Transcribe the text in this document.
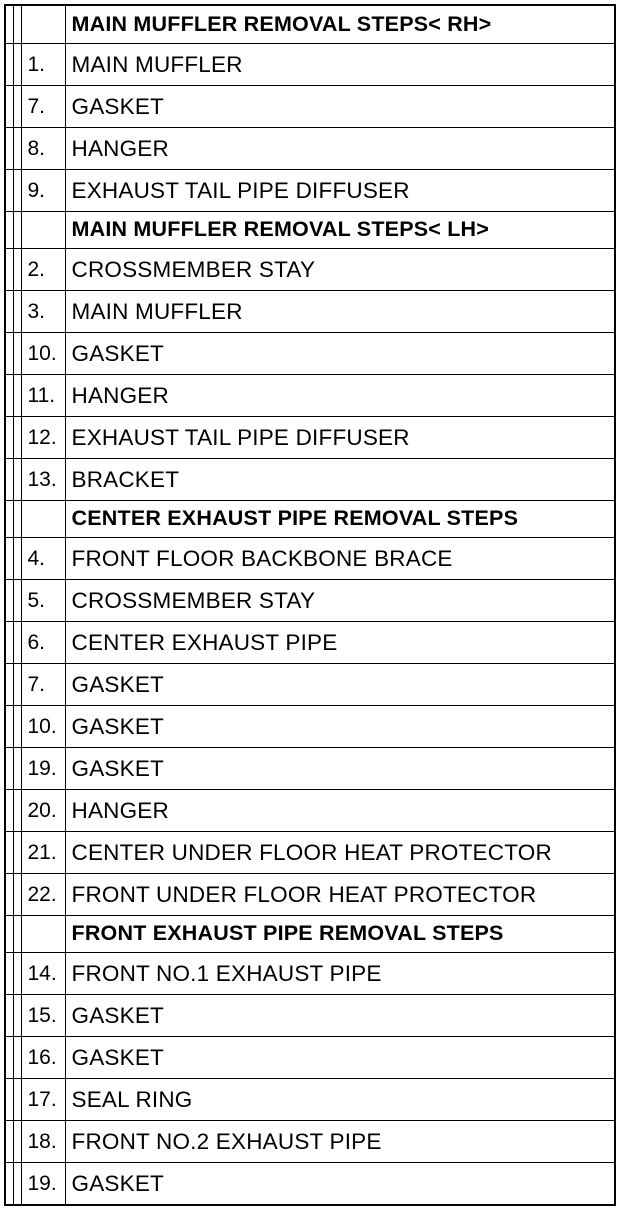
			MAIN MUFFLER REMOVAL STEPS< RH>
		1.	MAIN MUFFLER
		7.	GASKET
		8.	HANGER
		9.	EXHAUST TAIL PIPE DIFFUSER
			MAIN MUFFLER REMOVAL STEPS< LH>
		2.	CROSSMEMBER STAY
		3.	MAIN MUFFLER
		10.	GASKET
		11.	HANGER
		12.	EXHAUST TAIL PIPE DIFFUSER
		13.	BRACKET
			CENTER EXHAUST PIPE REMOVAL STEPS
		4.	FRONT FLOOR BACKBONE BRACE
		5.	CROSSMEMBER STAY
		6.	CENTER EXHAUST PIPE
		7.	GASKET
		10.	GASKET
		19.	GASKET
		20.	HANGER
		21.	CENTER UNDER FLOOR HEAT PROTECTOR
		22.	FRONT UNDER FLOOR HEAT PROTECTOR
			FRONT EXHAUST PIPE REMOVAL STEPS
		14.	FRONT NO.1 EXHAUST PIPE
		15.	GASKET
		16.	GASKET
		17.	SEAL RING
		18.	FRONT NO.2 EXHAUST PIPE
		19.	GASKET
